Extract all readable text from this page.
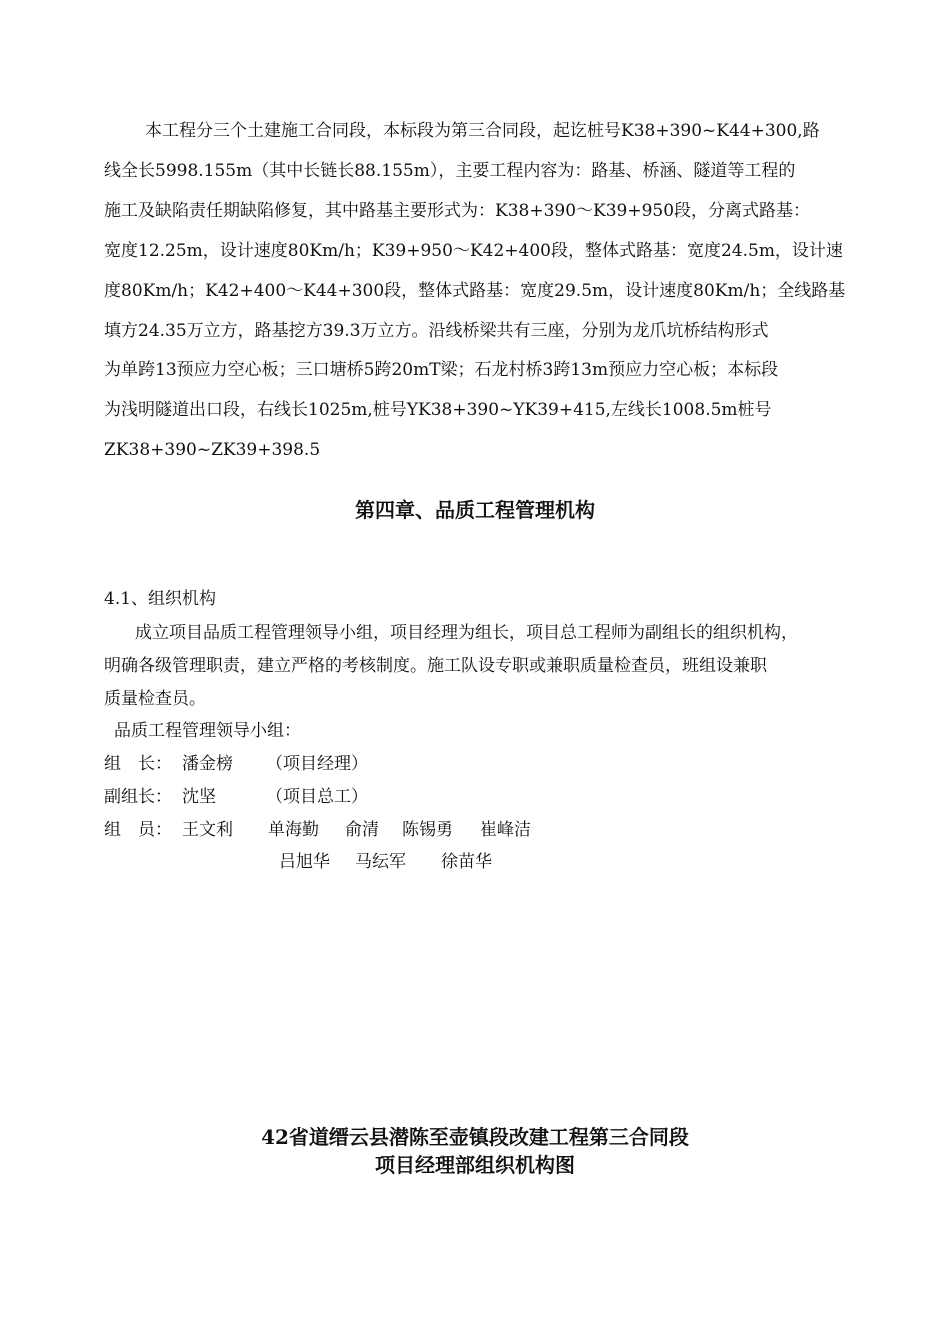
本工程分三个土建施工合同段，本标段为第三合同段，起讫桩号K38+390~K44+300,路
线全长5998.155m（其中长链长88.155m），主要工程内容为：路基、桥涵、隧道等工程的
施工及缺陷责任期缺陷修复，其中路基主要形式为：K38+390～K39+950段，分离式路基：
宽度12.25m，设计速度80Km/h；K39+950～K42+400段，整体式路基：宽度24.5m，设计速
度80Km/h；K42+400～K44+300段，整体式路基：宽度29.5m，设计速度80Km/h；全线路基
填方24.35万立方，路基挖方39.3万立方。沿线桥梁共有三座，分别为龙爪坑桥结构形式
为单跨13预应力空心板；三口塘桥5跨20mT梁；石龙村桥3跨13m预应力空心板；本标段
为浅明隧道出口段，右线长1025m,桩号YK38+390~YK39+415,左线长1008.5m桩号
ZK38+390~ZK39+398.5
第四章、品质工程管理机构
4.1、组织机构
成立项目品质工程管理领导小组，项目经理为组长，项目总工程师为副组长的组织机构，
明确各级管理职责，建立严格的考核制度。施工队设专职或兼职质量检查员，班组设兼职
质量检查员。
品质工程管理领导小组：
组　长： 潘金榜 （项目经理）
副组长： 沈坚	（项目总工）
组　员： 王文利 单海勤 俞清 陈锡勇 崔峰洁
吕旭华 马纭军 徐苗华
42省道缙云县潜陈至壶镇段改建工程第三合同段
项目经理部组织机构图
